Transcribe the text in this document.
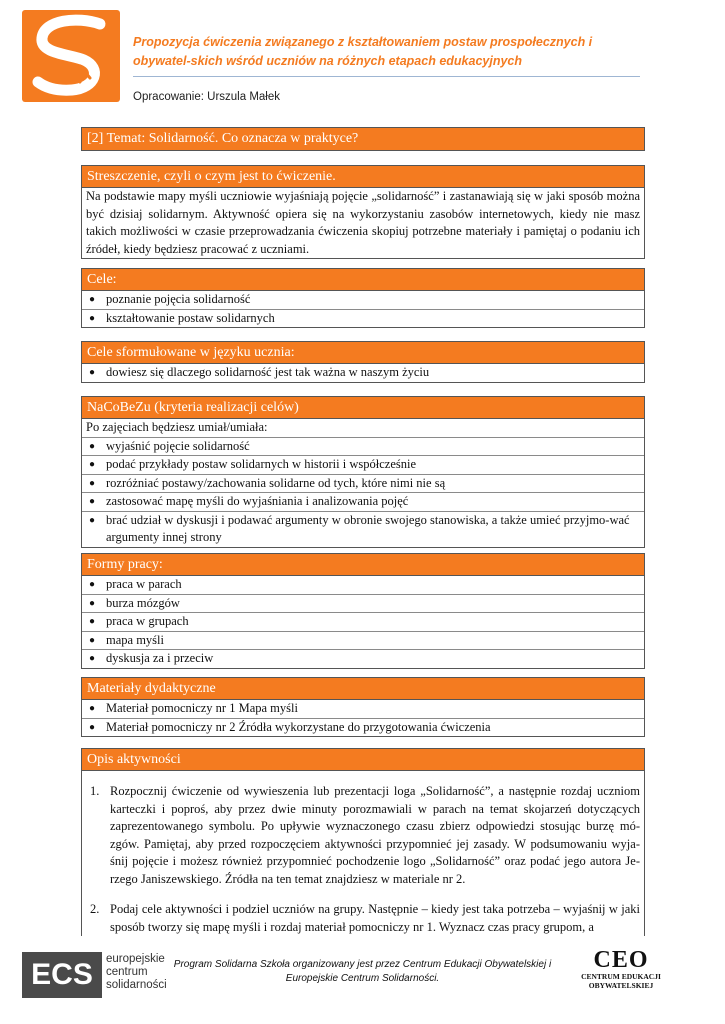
Propozycja ćwiczenia związanego z kształtowaniem postaw prospołecznych i obywatel-skich wśród uczniów na różnych etapach edukacyjnych
Opracowanie: Urszula Małek
[2] Temat: Solidarność. Co oznacza w praktyce?
Streszczenie, czyli o czym jest to ćwiczenie.

Na podstawie mapy myśli uczniowie wyjaśniają pojęcie „solidarność” i zastanawiają się w jaki sposób można być dzisiaj solidarnym. Aktywność opiera się na wykorzystaniu zasobów internetowych, kiedy nie masz takich możliwości w czasie przeprowadzania ćwiczenia skopiuj potrzebne materiały i pamiętaj o podaniu ich źródeł, kiedy będziesz pracować z uczniami.

Cele:
● poznanie pojęcia solidarność
● kształtowanie postaw solidarnych
Cele sformułowane w języku ucznia:
● dowiesz się dlaczego solidarność jest tak ważna w naszym życiu
NaCoBeZu (kryteria realizacji celów)
Po zajęciach będziesz umiał/umiała:
● wyjaśnić pojęcie solidarność
● podać przykłady postaw solidarnych w historii i współcześnie
● rozróżniać postawy/zachowania solidarne od tych, które nimi nie są
● zastosować mapę myśli do wyjaśniania i analizowania pojęć
● brać udział w dyskusji i podawać argumenty w obronie swojego stanowiska, a także umieć przyjmo-wać argumenty innej strony
Formy pracy:
● praca w parach
● burza mózgów
● praca w grupach
● mapa myśli
● dyskusja za i przeciw
Materiały dydaktyczne
● Materiał pomocniczy nr 1 Mapa myśli
● Materiał pomocniczy nr 2 Źródła wykorzystane do przygotowania ćwiczenia
Opis aktywności
1. Rozpocznij ćwiczenie od wywieszenia lub prezentacji loga „Solidarność”, a następnie rozdaj uczniom karteczki i poproś, aby przez dwie minuty porozmawiali w parach na temat skojarzeń dotyczących zaprezentowanego symbolu. Po upływie wyznaczonego czasu zbierz odpowiedzi stosując burzę mó-zgów. Pamiętaj, aby przed rozpoczęciem aktywności przypomnieć jej zasady. W podsumowaniu wyja-śnij pojęcie i możesz również przypomnieć pochodzenie logo „Solidarność” oraz podać jego autora Je-rzego Janiszewskiego. Źródła na ten temat znajdziesz w materiale nr 2.
2. Podaj cele aktywności i podziel uczniów na grupy. Następnie – kiedy jest taka potrzeba – wyjaśnij w jaki sposób tworzy się mapę myśli i rozdaj materiał pomocniczy nr 1. Wyznacz czas pracy grupom, a
ECS	europejskie
centrum
solidarności
Program Solidarna Szkoła organizowany jest przez Centrum Edukacji Obywatelskiej i Europejskie Centrum Solidarności.
CEO
CENTRUM EDUKACJI
OBYWATELSKIEJ
